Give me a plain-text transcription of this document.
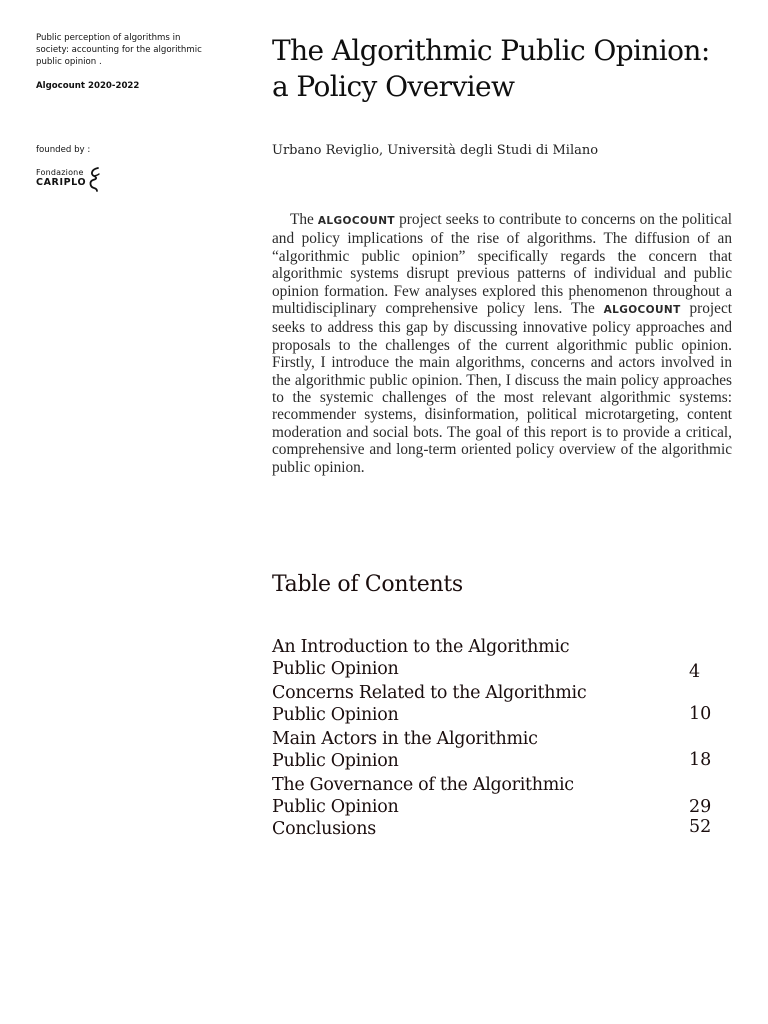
Public perception of algorithms in society: accounting for the algorithmic public opinion .

Algocount 2020-2022

founded by :

Fondazione
CARIPLO
The Algorithmic Public Opinion:
a Policy Overview

Urbano Reviglio, Università degli Studi di Milano

The ALGOCOUNT project seeks to contribute to concerns on the political and policy implications of the rise of algorithms. The diffusion of an “algorithmic public opinion” specifically regards the concern that algorithmic systems disrupt previous patterns of individual and public opinion formation. Few analyses explored this phenomenon throughout a multidisciplinary comprehensive policy lens. The ALGOCOUNT project seeks to address this gap by discussing innovative policy approaches and proposals to the challenges of the current algorithmic public opinion. Firstly, I introduce the main algorithms, concerns and actors involved in the algorithmic public opinion. Then, I discuss the main policy approaches to the systemic challenges of the most relevant algorithmic systems: recommender systems, disinformation, political microtargeting, content moderation and social bots. The goal of this report is to provide a critical, comprehensive and long-term oriented policy overview of the algorithmic public opinion.

Table of Contents
An Introduction to the Algorithmic
Public Opinion	4
Concerns Related to the Algorithmic
Public Opinion	10
Main Actors in the Algorithmic
Public Opinion	18
The Governance of the Algorithmic
Public Opinion	29
Conclusions	52
